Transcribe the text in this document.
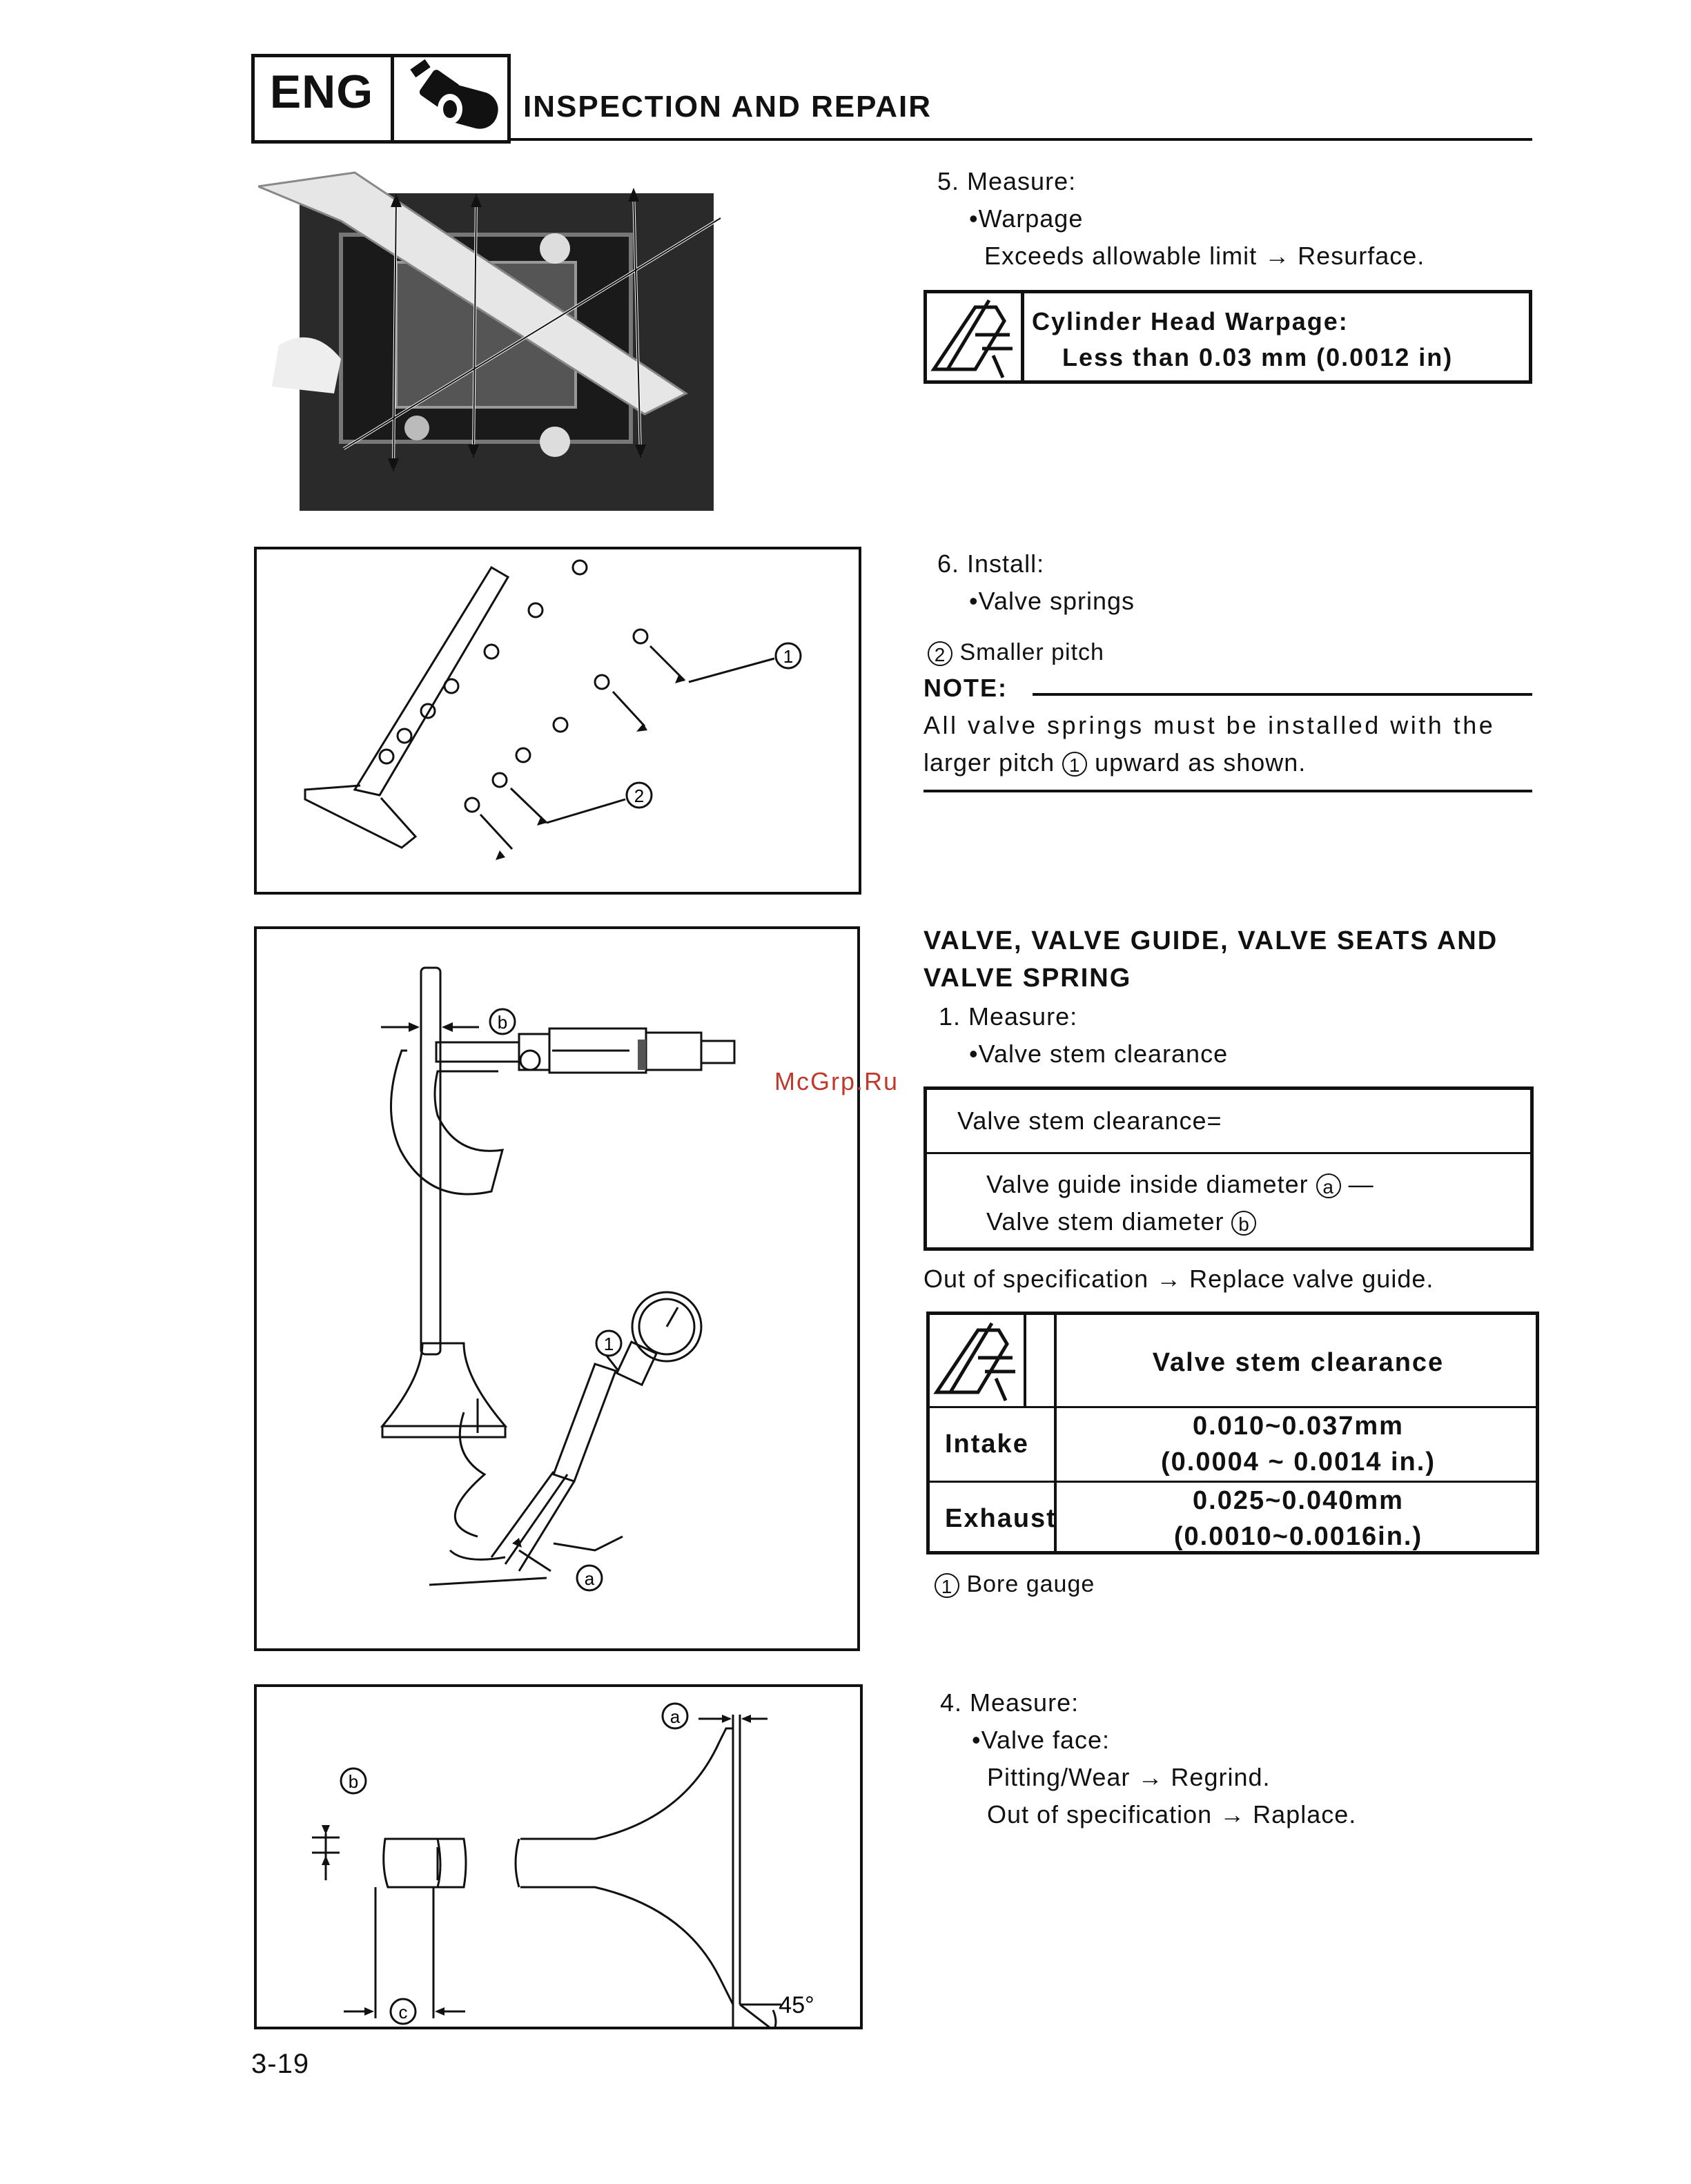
ENG	INSPECTION AND REPAIR
5. Measure:
•Warpage
Exceeds allowable limit → Resurface.
Cylinder Head Warpage:
Less than 0.03 mm (0.0012 in)
1
2
6. Install:
•Valve springs
2 Smaller pitch
NOTE:
All valve springs must be installed with the
larger pitch 1 upward as shown.
b
1
a
McGrp.Ru
VALVE, VALVE GUIDE, VALVE SEATS AND
VALVE SPRING
1. Measure:
•Valve stem clearance
Valve stem clearance=
Valve guide inside diameter a —
Valve stem diameter b
Out of specification → Replace valve guide.
Valve stem clearance
Intake
0.010~0.037mm
(0.0004 ~ 0.0014 in.)
Exhaust
0.025~0.040mm
(0.0010~0.0016in.)
1 Bore gauge
a
b
c	45°
4. Measure:
•Valve face:
Pitting/Wear → Regrind.
Out of specification → Raplace.
3-19
